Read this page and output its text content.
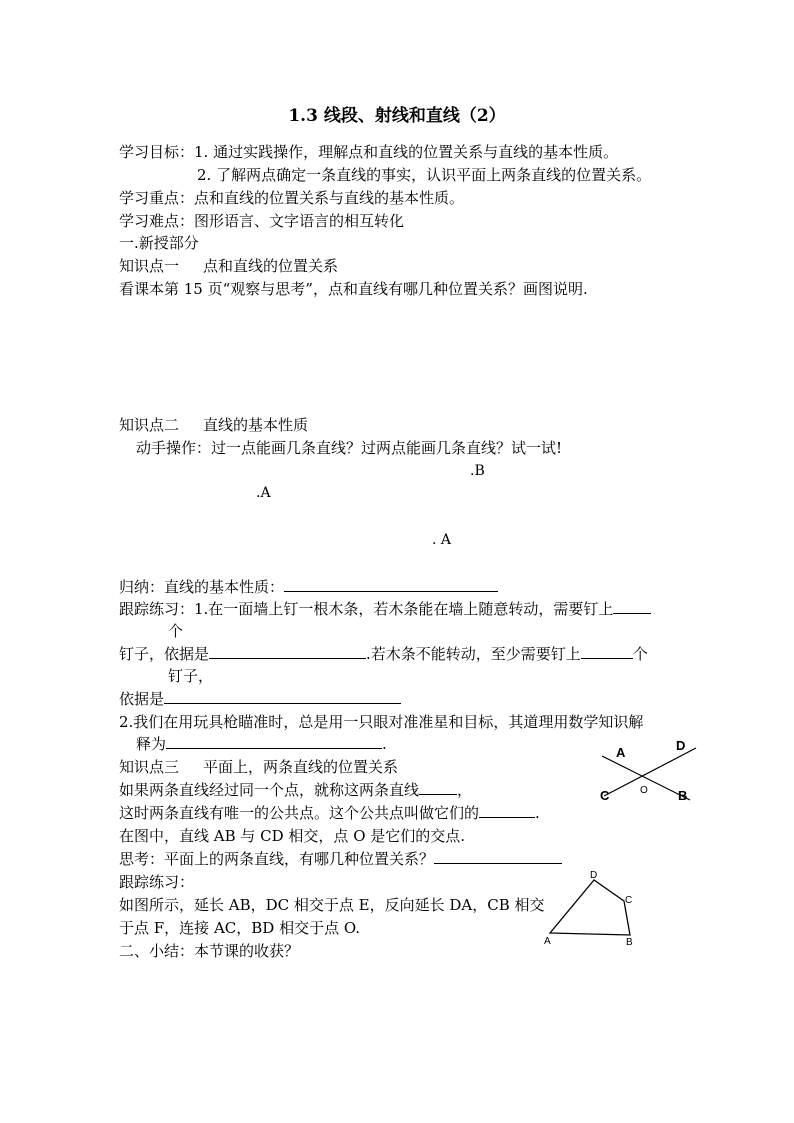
1.3 线段、射线和直线（2）
学习目标：1. 通过实践操作，理解点和直线的位置关系与直线的基本性质。
2. 了解两点确定一条直线的事实，认识平面上两条直线的位置关系。
学习重点：点和直线的位置关系与直线的基本性质。
学习难点：图形语言、文字语言的相互转化
一.新授部分
知识点一 点和直线的位置关系
看课本第 15 页“观察与思考”，点和直线有哪几种位置关系？画图说明.
知识点二 直线的基本性质
动手操作：过一点能画几条直线？过两点能画几条直线？试一试!
.B
.A
. A
归纳：直线的基本性质：
跟踪练习：1.在一面墙上钉一根木条，若木条能在墙上随意转动，需要钉上
个
钉子，依据是	.若木条不能转动，至少需要钉上	个
钉子，
依据是
2.我们在用玩具枪瞄准时，总是用一只眼对准准星和目标，其道理用数学知识解
释为	.
知识点三 平面上，两条直线的位置关系
如果两条直线经过同一个点，就称这两条直线	，
这时两条直线有唯一的公共点。这个公共点叫做它们的	.
在图中，直线 AB 与 CD 相交，点 O 是它们的交点.
思考：平面上的两条直线，有哪几种位置关系？
跟踪练习：
如图所示，延长 AB，DC 相交于点 E，反向延长 DA，CB 相交
于点 F，连接 AC，BD 相交于点 O.
二、小结：本节课的收获？
A	D
C	B
O
A	B
C
D
